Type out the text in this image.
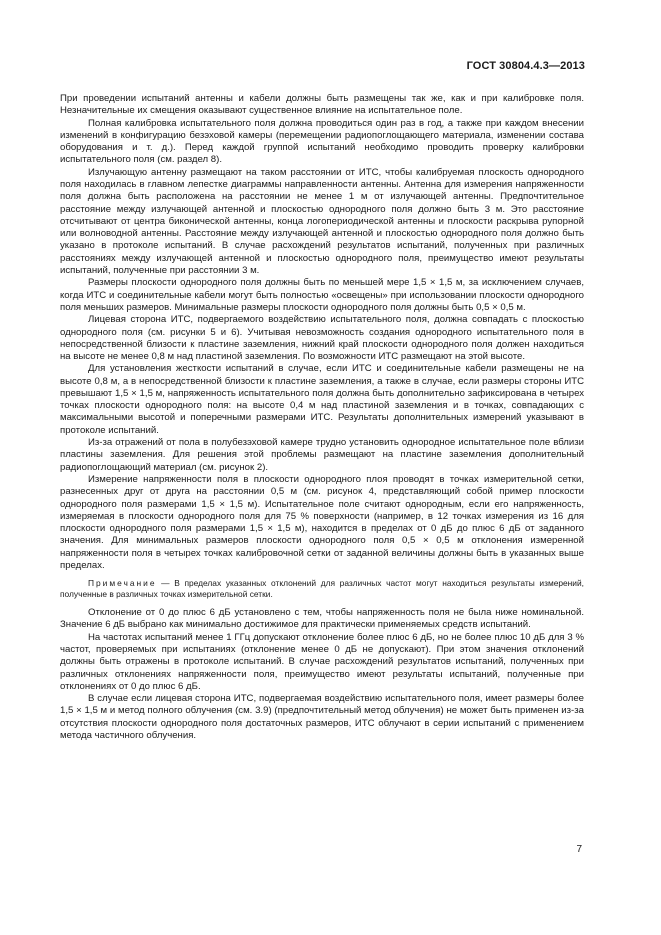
ГОСТ 30804.4.3—2013

При проведении испытаний антенны и кабели должны быть размещены так же, как и при калибровке поля. Незначительные их смещения оказывают существенное влияние на испытательное поле.

Полная калибровка испытательного поля должна проводиться один раз в год, а также при каждом внесении изменений в конфигурацию безэховой камеры (перемещении радиопоглощающего материала, изменении состава оборудования и т. д.). Перед каждой группой испытаний необходимо проводить проверку калибровки испытательного поля (см. раздел 8).

Излучающую антенну размещают на таком расстоянии от ИТС, чтобы калибруемая плоскость однородного поля находилась в главном лепестке диаграммы направленности антенны. Антенна для измерения напряженности поля должна быть расположена на расстоянии не менее 1 м от излучающей антенны. Предпочтительное расстояние между излучающей антенной и плоскостью однородного поля должно быть 3 м. Это расстояние отсчитывают от центра биконической антенны, конца логопериодической антенны и плоскости раскрыва рупорной или волноводной антенны. Расстояние между излучающей антенной и плоскостью однородного поля должно быть указано в протоколе испытаний. В случае расхождений результатов испытаний, полученных при различных расстояниях между излучающей антенной и плоскостью однородного поля, преимущество имеют результаты испытаний, полученные при расстоянии 3 м.

Размеры плоскости однородного поля должны быть по меньшей мере 1,5 × 1,5 м, за исключением случаев, когда ИТС и соединительные кабели могут быть полностью «освещены» при использовании плоскости однородного поля меньших размеров. Минимальные размеры плоскости однородного поля должны быть 0,5 × 0,5 м.

Лицевая сторона ИТС, подвергаемого воздействию испытательного поля, должна совпадать с плоскостью однородного поля (см. рисунки 5 и 6). Учитывая невозможность создания однородного испытательного поля в непосредственной близости к пластине заземления, нижний край плоскости однородного поля должен находиться на высоте не менее 0,8 м над пластиной заземления. По возможности ИТС размещают на этой высоте.

Для установления жесткости испытаний в случае, если ИТС и соединительные кабели размещены не на высоте 0,8 м, а в непосредственной близости к пластине заземления, а также в случае, если размеры стороны ИТС превышают 1,5 × 1,5 м, напряженность испытательного поля должна быть дополнительно зафиксирована в четырех точках плоскости однородного поля: на высоте 0,4 м над пластиной заземления и в точках, совпадающих с максимальными высотой и поперечными размерами ИТС. Результаты дополнительных измерений указывают в протоколе испытаний.

Из-за отражений от пола в полубезэховой камере трудно установить однородное испытательное поле вблизи пластины заземления. Для решения этой проблемы размещают на пластине заземления дополнительный радиопоглощающий материал (см. рисунок 2).

Измерение напряженности поля в плоскости однородного плоя проводят в точках измерительной сетки, разнесенных друг от друга на расстоянии 0,5 м (см. рисунок 4, представляющий собой пример плоскости однородного поля размерами 1,5 × 1,5 м). Испытательное поле считают однородным, если его напряженность, измеряемая в плоскости однородного поля для 75 % поверхности (например, в 12 точках измерения из 16 для плоскости однородного поля размерами 1,5 × 1,5 м), находится в пределах от 0 дБ до плюс 6 дБ от заданного значения. Для минимальных размеров плоскости однородного поля 0,5 × 0,5 м отклонения измеренной напряженности поля в четырех точках калибровочной сетки от заданной величины должны быть в указанных выше пределах.

Примечание — В пределах указанных отклонений для различных частот могут находиться результаты измерений, полученные в различных точках измерительной сетки.

Отклонение от 0 до плюс 6 дБ установлено с тем, чтобы напряженность поля не была ниже номинальной. Значение 6 дБ выбрано как минимально достижимое для практически применяемых средств испытаний.

На частотах испытаний менее 1 ГГц допускают отклонение более плюс 6 дБ, но не более плюс 10 дБ для 3 % частот, проверяемых при испытаниях (отклонение менее 0 дБ не допускают). При этом значения отклонений должны быть отражены в протоколе испытаний. В случае расхождений результатов испытаний, полученных при различных отклонениях напряженности поля, преимущество имеют результаты испытаний, полученные при отклонениях от 0 до плюс 6 дБ.

В случае если лицевая сторона ИТС, подвергаемая воздействию испытательного поля, имеет размеры более 1,5 × 1,5 м и метод полного облучения (см. 3.9) (предпочтительный метод облучения) не может быть применен из-за отсутствия плоскости однородного поля достаточных размеров, ИТС облучают в серии испытаний с применением метода частичного облучения.

7
